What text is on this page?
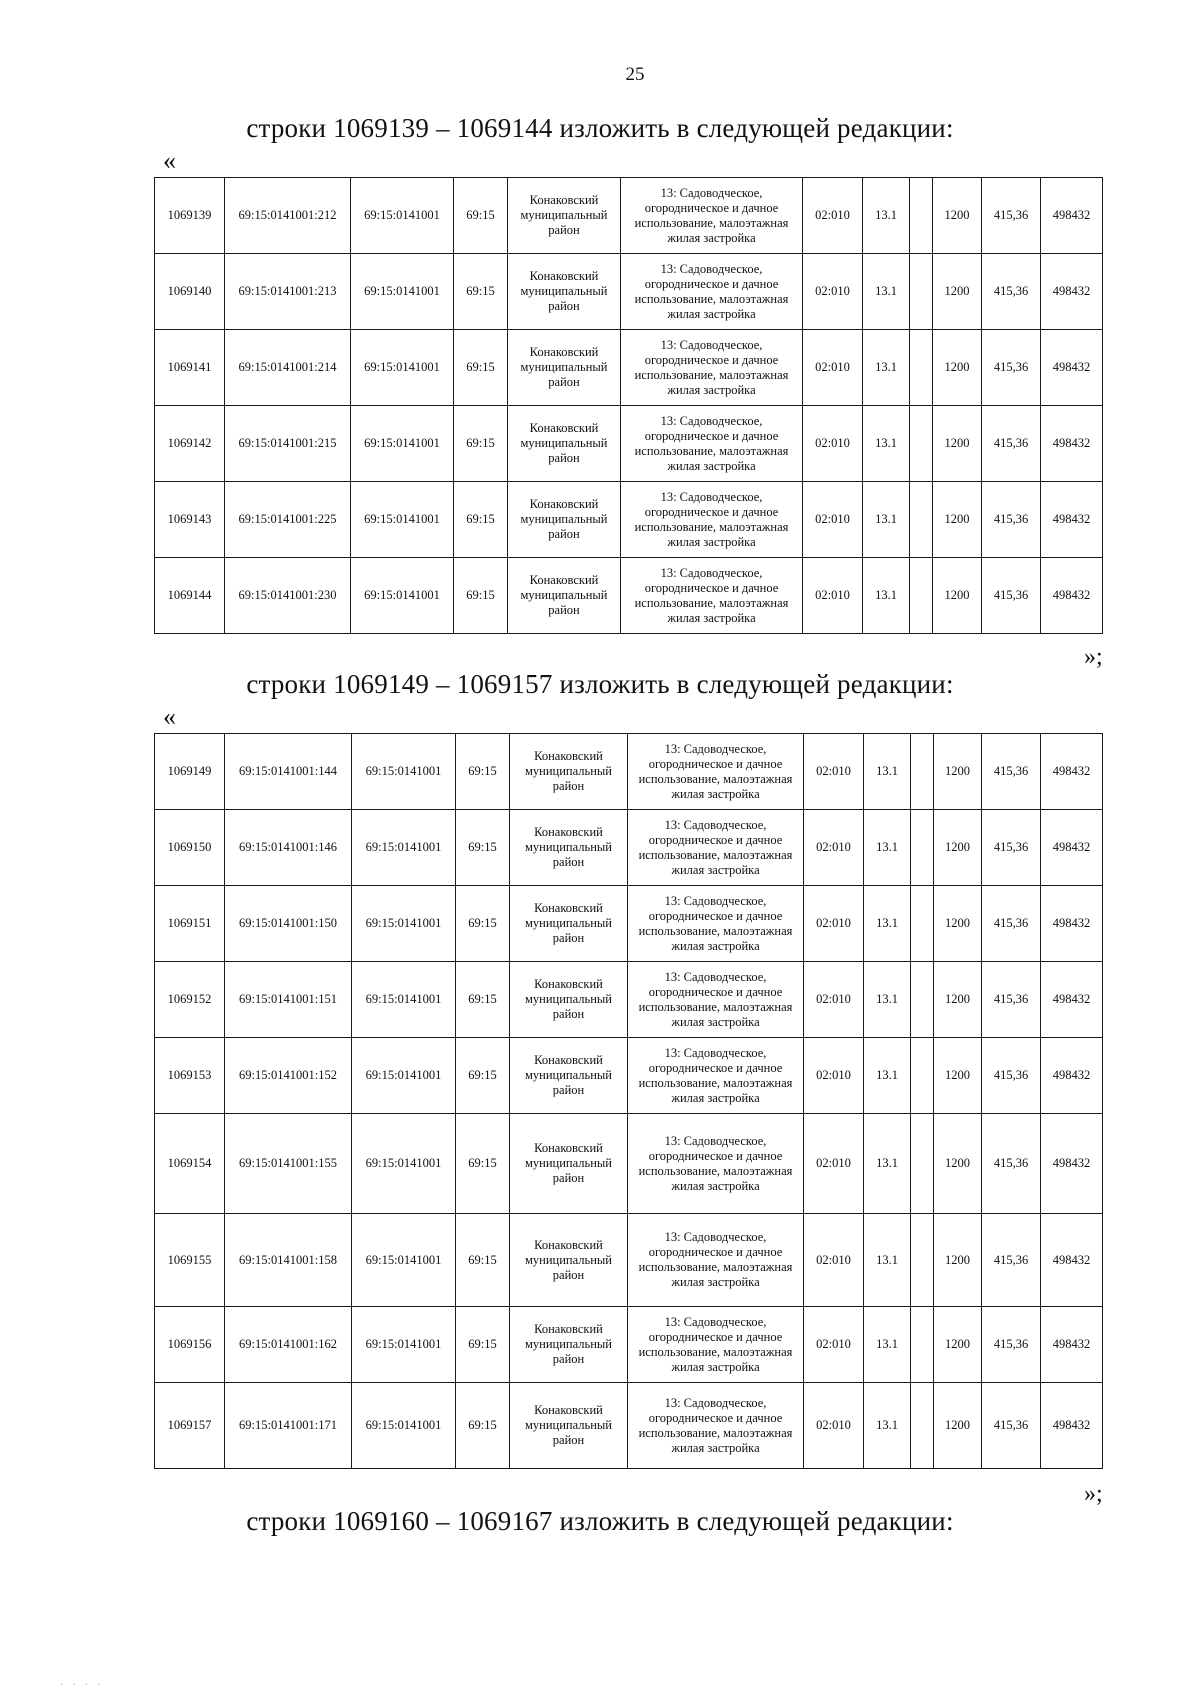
25
строки 1069139 – 1069144 изложить в следующей редакции:
«
1069139	69:15:0141001:212	69:15:0141001	69:15	Конаковский муниципальный район	13: Садоводческое, огородническое и дачное использование, малоэтажная жилая застройка	02:010	13.1		1200	415,36	498432
1069140	69:15:0141001:213	69:15:0141001	69:15	Конаковский муниципальный район	13: Садоводческое, огородническое и дачное использование, малоэтажная жилая застройка	02:010	13.1		1200	415,36	498432
1069141	69:15:0141001:214	69:15:0141001	69:15	Конаковский муниципальный район	13: Садоводческое, огородническое и дачное использование, малоэтажная жилая застройка	02:010	13.1		1200	415,36	498432
1069142	69:15:0141001:215	69:15:0141001	69:15	Конаковский муниципальный район	13: Садоводческое, огородническое и дачное использование, малоэтажная жилая застройка	02:010	13.1		1200	415,36	498432
1069143	69:15:0141001:225	69:15:0141001	69:15	Конаковский муниципальный район	13: Садоводческое, огородническое и дачное использование, малоэтажная жилая застройка	02:010	13.1		1200	415,36	498432
1069144	69:15:0141001:230	69:15:0141001	69:15	Конаковский муниципальный район	13: Садоводческое, огородническое и дачное использование, малоэтажная жилая застройка	02:010	13.1		1200	415,36	498432
»;
строки 1069149 – 1069157 изложить в следующей редакции:
«
1069149	69:15:0141001:144	69:15:0141001	69:15	Конаковский муниципальный район	13: Садоводческое, огородническое и дачное использование, малоэтажная жилая застройка	02:010	13.1		1200	415,36	498432
1069150	69:15:0141001:146	69:15:0141001	69:15	Конаковский муниципальный район	13: Садоводческое, огородническое и дачное использование, малоэтажная жилая застройка	02:010	13.1		1200	415,36	498432
1069151	69:15:0141001:150	69:15:0141001	69:15	Конаковский муниципальный район	13: Садоводческое, огородническое и дачное использование, малоэтажная жилая застройка	02:010	13.1		1200	415,36	498432
1069152	69:15:0141001:151	69:15:0141001	69:15	Конаковский муниципальный район	13: Садоводческое, огородническое и дачное использование, малоэтажная жилая застройка	02:010	13.1		1200	415,36	498432
1069153	69:15:0141001:152	69:15:0141001	69:15	Конаковский муниципальный район	13: Садоводческое, огородническое и дачное использование, малоэтажная жилая застройка	02:010	13.1		1200	415,36	498432
1069154	69:15:0141001:155	69:15:0141001	69:15	Конаковский муниципальный район	13: Садоводческое, огородническое и дачное использование, малоэтажная жилая застройка	02:010	13.1		1200	415,36	498432
1069155	69:15:0141001:158	69:15:0141001	69:15	Конаковский муниципальный район	13: Садоводческое, огородническое и дачное использование, малоэтажная жилая застройка	02:010	13.1		1200	415,36	498432
1069156	69:15:0141001:162	69:15:0141001	69:15	Конаковский муниципальный район	13: Садоводческое, огородническое и дачное использование, малоэтажная жилая застройка	02:010	13.1		1200	415,36	498432
1069157	69:15:0141001:171	69:15:0141001	69:15	Конаковский муниципальный район	13: Садоводческое, огородническое и дачное использование, малоэтажная жилая застройка	02:010	13.1		1200	415,36	498432
»;
строки 1069160 – 1069167 изложить в следующей редакции:
· · · ·
